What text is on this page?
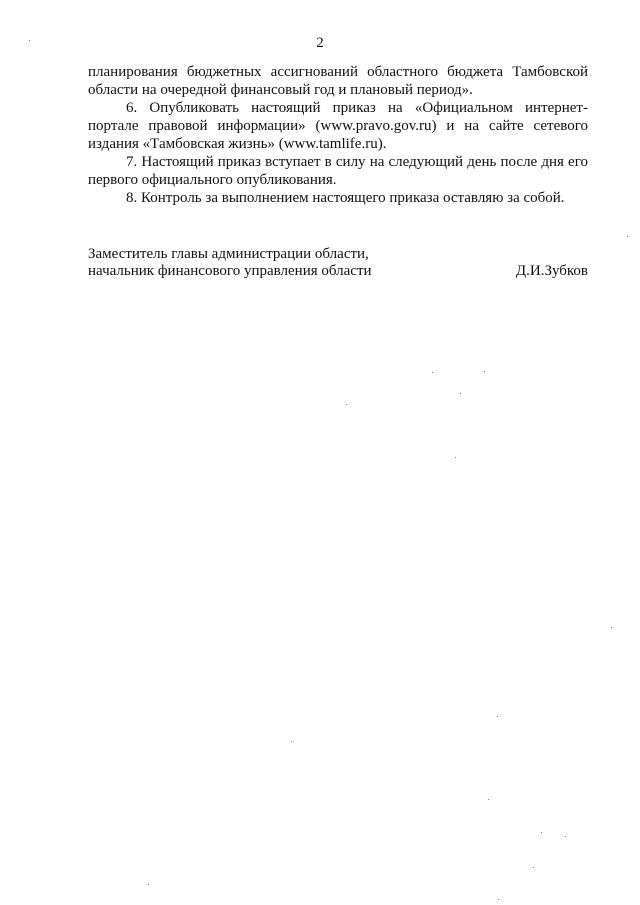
2

планирования бюджетных ассигнований областного бюджета Тамбовской области на очередной финансовый год и плановый период».

6. Опубликовать настоящий приказ на «Официальном интернет-портале правовой информации» (www.pravo.gov.ru) и на сайте сетевого издания «Тамбовская жизнь» (www.tamlife.ru).

7. Настоящий приказ вступает в силу на следующий день после дня его первого официального опубликования.

8. Контроль за выполнением настоящего приказа оставляю за собой.

Заместитель главы администрации области,
начальник финансового управления области	Д.И.Зубков
